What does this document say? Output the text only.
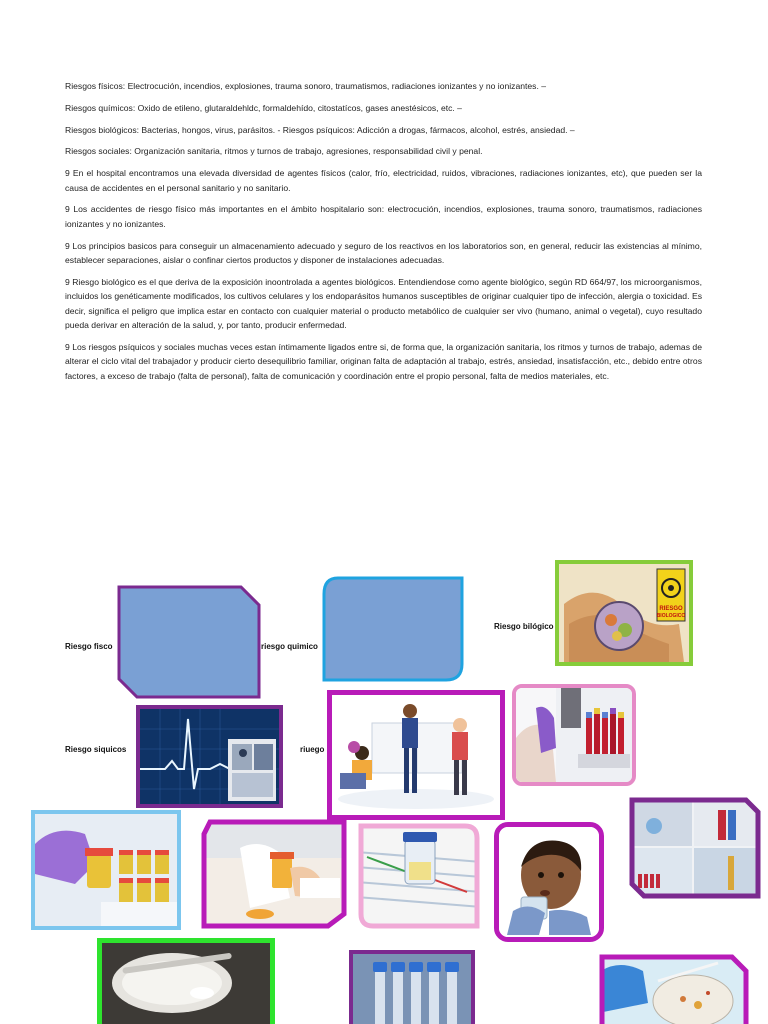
Riesgos físicos: Electrocución, incendios, explosiones, trauma sonoro, traumatismos, radiaciones ionizantes y no ionizantes. –

Riesgos químicos: Oxido de etileno, glutaraldehldc, formaldehído, citostatícos, gases anestésicos, etc. –

Riesgos biológicos: Bacterias, hongos, virus, parásitos. - Riesgos psíquicos: Adicción a drogas, fármacos, alcohol, estrés, ansiedad. –

Riesgos sociales: Organización sanitaria, ritmos y turnos de trabajo, agresiones, responsabilidad civil y penal.

9 En el hospital encontramos una elevada diversidad de agentes físicos (calor, frío, electricidad, ruidos, vibraciones, radiaciones ionizantes, etc), que pueden ser la causa de accidentes en el personal sanitario y no sanitario.

9 Los accidentes de riesgo físico más importantes en el ámbito hospitalario son: electrocución, incendios, explosiones, trauma sonoro, traumatismos, radiaciones ionizantes y no ionizantes.

9 Los principios basicos para conseguir un almacenamiento adecuado y seguro de los reactivos en los laboratorios son, en general, reducir las existencias al mínimo, establecer separaciones, aislar o confinar ciertos productos y disponer de instalaciones adecuadas.

9 Riesgo biológico es el que deriva de la exposición inoontrolada a agentes biológicos. Entendiendose como agente biológico, según RD 664/97, los microorganismos, incluidos los genéticamente modificados, los cultivos celulares y los endoparásitos humanos susceptibles de originar cualquier tipo de infección, alergia o toxicidad. Es decir, significa el peligro que implica estar en contacto con cualquier material o producto metabólico de cualquier ser vivo (humano, animal o vegetal), cuyo resultado pueda derivar en alteración de la salud, y, por tanto, producir enfermedad.

9 Los riesgos psíquicos y sociales muchas veces estan íntimamente ligados entre si, de forma que, la organización sanitaria, los ritmos y turnos de trabajo, ademas de alterar el ciclo vital del trabajador y producir cierto desequilibrio familiar, originan falta de adaptación al trabajo, estrés, ansiedad, insatisfacción, etc., debido entre otros factores, a exceso de trabajo (falta de personal), falta de comunicación y coordinación entre el propio personal, falta de medios materiales, etc.

Riesgo fisco	riesgo quimico
Riesgo bilógico
Riesgo siquicos	riuego
RIESGO
BIOLOGICO
